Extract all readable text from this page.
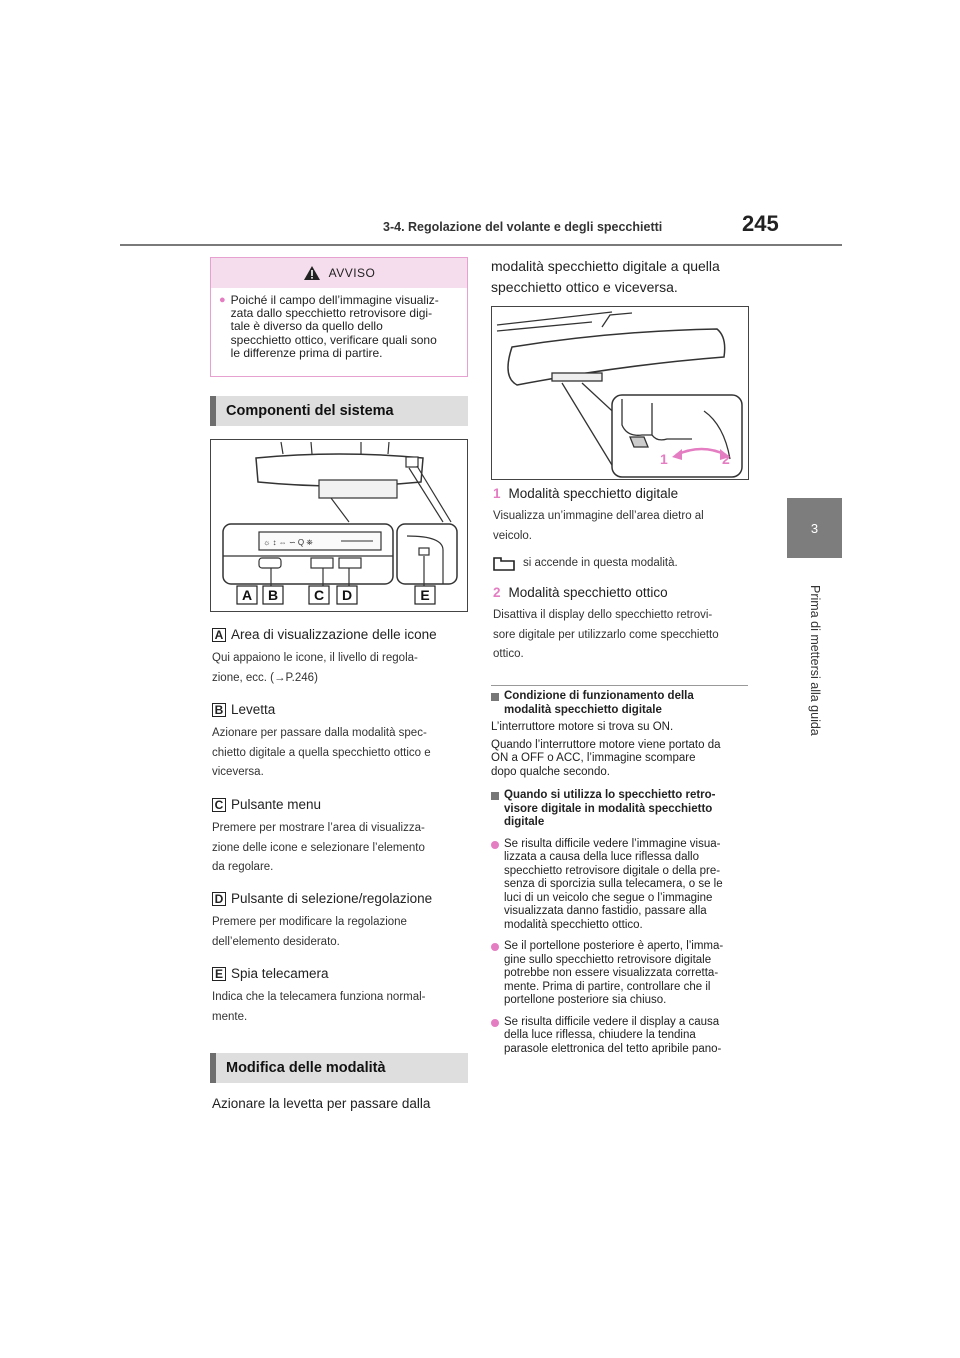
3-4. Regolazione del volante e degli specchietti	245
3
Prima di mettersi alla guida
AVVISO
● Poiché il campo dell’immagine visualiz-
zata dallo specchietto retrovisore digi-
tale è diverso da quello dello
specchietto ottico, verificare quali sono
le differenze prima di partire.
Componenti del sistema
☼ ↕ ⇔ ∽ Q ⛯
A B	C D	E
A Area di visualizzazione delle icone
Qui appaiono le icone, il livello di regola-
zione, ecc. (→P.246)
B Levetta
Azionare per passare dalla modalità spec-
chietto digitale a quella specchietto ottico e
viceversa.
C Pulsante menu
Premere per mostrare l’area di visualizza-
zione delle icone e selezionare l’elemento
da regolare.
D Pulsante di selezione/regolazione
Premere per modificare la regolazione
dell’elemento desiderato.
E Spia telecamera
Indica che la telecamera funziona normal-
mente.
Modifica delle modalità
Azionare la levetta per passare dalla
modalità specchietto digitale a quella
specchietto ottico e viceversa.
1	2
1 Modalità specchietto digitale
Visualizza un’immagine dell’area dietro al
veicolo.
si accende in questa modalità.
2 Modalità specchietto ottico
Disattiva il display dello specchietto retrovi-
sore digitale per utilizzarlo come specchietto
ottico.
Condizione di funzionamento della
modalità specchietto digitale
L’interruttore motore si trova su ON.
Quando l’interruttore motore viene portato da
ON a OFF o ACC, l’immagine scompare
dopo qualche secondo.
Quando si utilizza lo specchietto retro-
visore digitale in modalità specchietto
digitale
Se risulta difficile vedere l’immagine visua-
lizzata a causa della luce riflessa dallo
specchietto retrovisore digitale o della pre-
senza di sporcizia sulla telecamera, o se le
luci di un veicolo che segue o l’immagine
visualizzata danno fastidio, passare alla
modalità specchietto ottico.
Se il portellone posteriore è aperto, l’imma-
gine sullo specchietto retrovisore digitale
potrebbe non essere visualizzata corretta-
mente. Prima di partire, controllare che il
portellone posteriore sia chiuso.
Se risulta difficile vedere il display a causa
della luce riflessa, chiudere la tendina
parasole elettronica del tetto apribile pano-
